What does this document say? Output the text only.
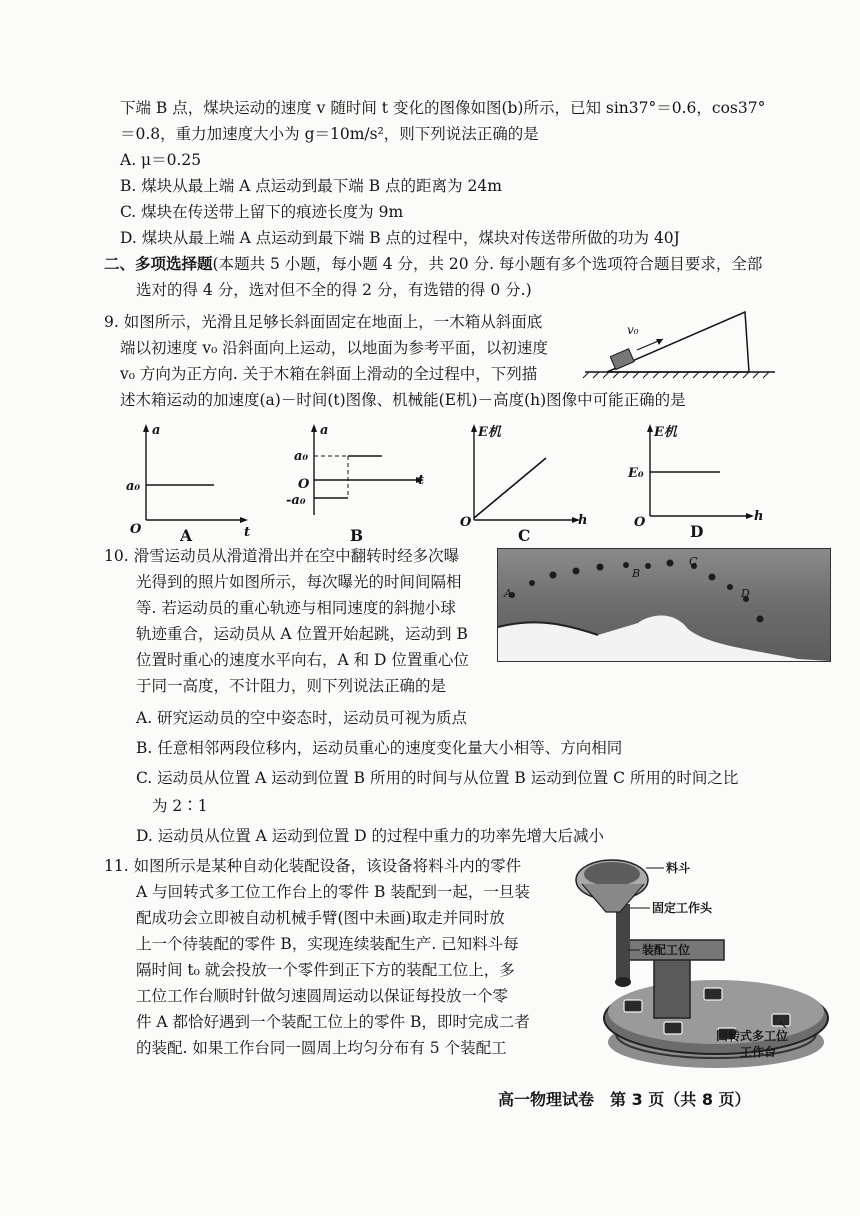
下端 B 点，煤块运动的速度 v 随时间 t 变化的图像如图(b)所示，已知 sin37°＝0.6，cos37°
＝0.8，重力加速度大小为 g＝10m/s²，则下列说法正确的是
A. μ＝0.25
B. 煤块从最上端 A 点运动到最下端 B 点的距离为 24m
C. 煤块在传送带上留下的痕迹长度为 9m
D. 煤块从最上端 A 点运动到最下端 B 点的过程中，煤块对传送带所做的功为 40J
二、多项选择题(本题共 5 小题，每小题 4 分，共 20 分. 每小题有多个选项符合题目要求，全部
选对的得 4 分，选对但不全的得 2 分，有选错的得 0 分.)
9. 如图所示，光滑且足够长斜面固定在地面上，一木箱从斜面底
端以初速度 v₀ 沿斜面向上运动，以地面为参考平面，以初速度
v₀ 方向为正方向. 关于木箱在斜面上滑动的全过程中，下列描
述木箱运动的加速度(a)－时间(t)图像、机械能(E机)－高度(h)图像中可能正确的是
v₀
a
t
O
a₀
A
a
t
O
a₀
-a₀
B
E机
h
O
C
E机
h
O
E₀
D
10. 滑雪运动员从滑道滑出并在空中翻转时经多次曝
光得到的照片如图所示，每次曝光的时间间隔相
等. 若运动员的重心轨迹与相同速度的斜抛小球
轨迹重合，运动员从 A 位置开始起跳，运动到 B
位置时重心的速度水平向右，A 和 D 位置重心位
于同一高度，不计阻力，则下列说法正确的是
A. 研究运动员的空中姿态时，运动员可视为质点
B. 任意相邻两段位移内，运动员重心的速度变化量大小相等、方向相同
C. 运动员从位置 A 运动到位置 B 所用的时间与从位置 B 运动到位置 C 所用的时间之比
为 2∶1
D. 运动员从位置 A 运动到位置 D 的过程中重力的功率先增大后减小
A
B
C
D
11. 如图所示是某种自动化装配设备，该设备将料斗内的零件
A 与回转式多工位工作台上的零件 B 装配到一起，一旦装
配成功会立即被自动机械手臂(图中未画)取走并同时放
上一个待装配的零件 B，实现连续装配生产. 已知料斗每
隔时间 t₀ 就会投放一个零件到正下方的装配工位上，多
工位工作台顺时针做匀速圆周运动以保证每投放一个零
件 A 都恰好遇到一个装配工位上的零件 B，即时完成二者
的装配. 如果工作台同一圆周上均匀分布有 5 个装配工
料斗
固定工作头
装配工位
回转式多工位
工作台
高一物理试卷　第 3 页（共 8 页）
